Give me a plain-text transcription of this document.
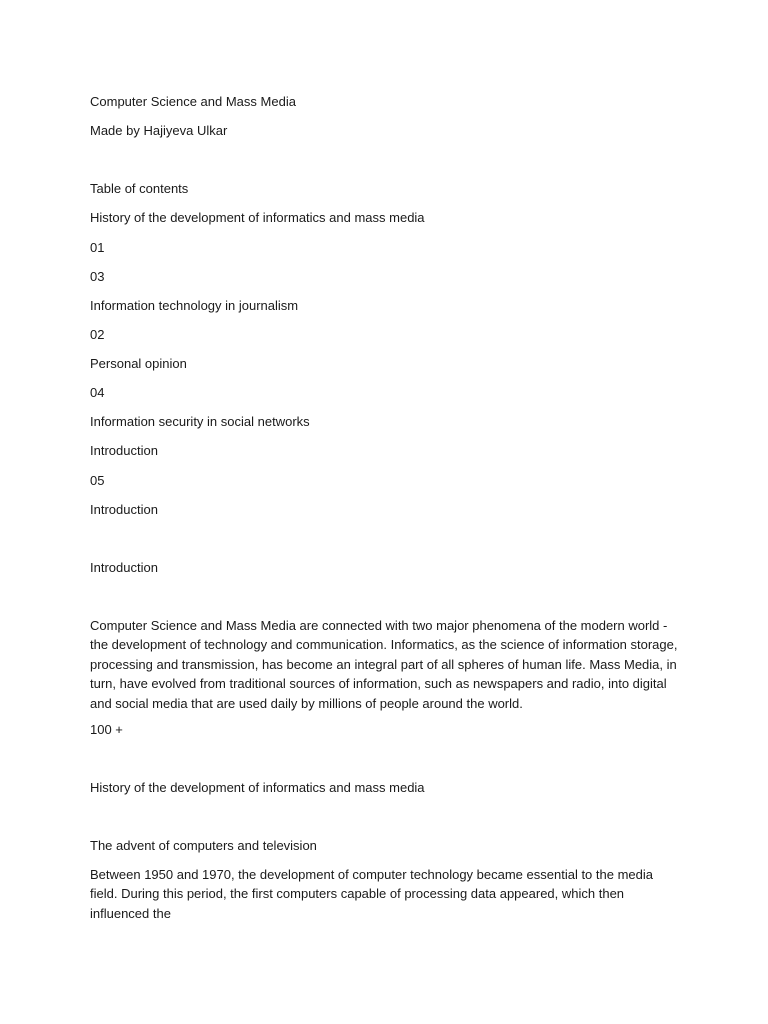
Computer Science and Mass Media

Made by Hajiyeva Ulkar

Table of contents

History of the development of informatics and mass media

01

03

Information technology in journalism

02

Personal opinion

04

Information security in social networks

Introduction

05

Introduction

Introduction

Computer Science and Mass Media are connected with two major phenomena of the modern world - the development of technology and communication. Informatics, as the science of information storage, processing and transmission, has become an integral part of all spheres of human life. Mass Media, in turn, have evolved from traditional sources of information, such as newspapers and radio, into digital and social media that are used daily by millions of people around the world.

100 +

History of the development of informatics and mass media

The advent of computers and television

Between 1950 and 1970, the development of computer technology became essential to the media field. During this period, the first computers capable of processing data appeared, which then influenced the
